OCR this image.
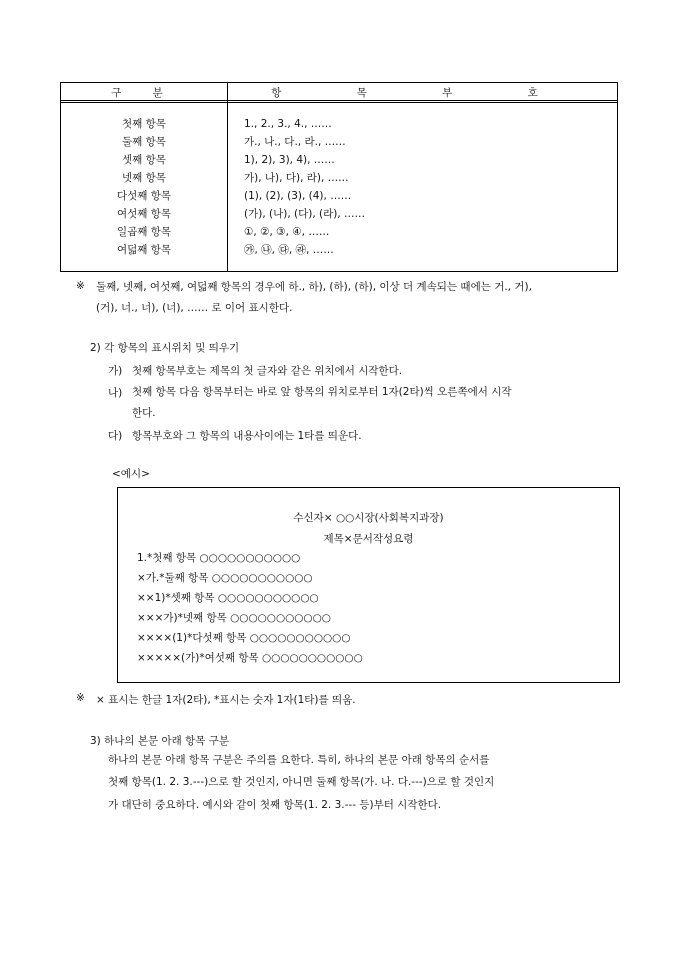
구 분	항 목 부 호
첫째 항목	1., 2., 3., 4., ……
둘째 항목	가., 나., 다., 라., ……
셋째 항목	1), 2), 3), 4), ……
넷째 항목	가), 나), 다), 라), ……
다섯째 항목	(1), (2), (3), (4), ……
여섯째 항목	(가), (나), (다), (라), ……
일곱째 항목	①, ②, ③, ④, ……
여덟째 항목	㉮, ㉯, ㉰, ㉱, ……
※ 둘째, 넷째, 여섯째, 여덟째 항목의 경우에 하., 하), (하), (하), 이상 더 계속되는 때에는 거., 거),
(거), 너., 너), (너), …… 로 이어 표시한다.
2) 각 항목의 표시위치 및 띄우기
가) 첫째 항목부호는 제목의 첫 글자와 같은 위치에서 시작한다.
나) 첫째 항목 다음 항목부터는 바로 앞 항목의 위치로부터 1자(2타)씩 오른쪽에서 시작
한다.
다) 항목부호와 그 항목의 내용사이에는 1타를 띄운다.
<예시>
수신자× ○○시장(사회복지과장)
제목×문서작성요령
1.*첫째 항목 ○○○○○○○○○○○
×가.*둘째 항목 ○○○○○○○○○○○
××1)*셋째 항목 ○○○○○○○○○○○
×××가)*넷째 항목 ○○○○○○○○○○○
××××(1)*다섯째 항목 ○○○○○○○○○○○
×××××(가)*여섯째 항목 ○○○○○○○○○○○
※ × 표시는 한글 1자(2타), *표시는 숫자 1자(1타)를 띄움.
3) 하나의 본문 아래 항목 구분
하나의 본문 아래 항목 구분은 주의를 요한다. 특히, 하나의 본문 아래 항목의 순서를
첫째 항목(1. 2. 3.---)으로 할 것인지, 아니면 둘째 항목(가. 나. 다.---)으로 할 것인지
가 대단히 중요하다. 예시와 같이 첫째 항목(1. 2. 3.--- 등)부터 시작한다.
